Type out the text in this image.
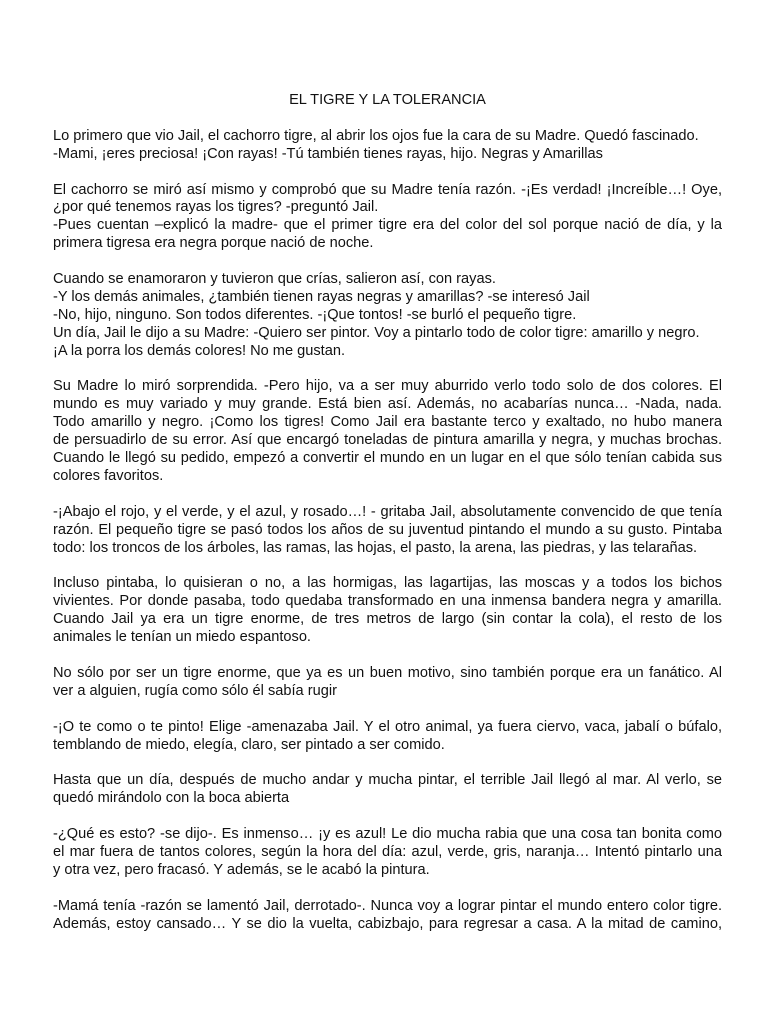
EL TIGRE Y LA TOLERANCIA
Lo primero que vio Jail, el cachorro tigre, al abrir los ojos fue la cara de su Madre. Quedó fascinado.
-Mami, ¡eres preciosa! ¡Con rayas! -Tú también tienes rayas, hijo. Negras y Amarillas
El cachorro se miró así mismo y comprobó que su Madre tenía razón. -¡Es verdad! ¡Increíble…! Oye,
¿por qué tenemos rayas los tigres? -preguntó Jail.
-Pues cuentan –explicó la madre- que el primer tigre era del color del sol porque nació de día, y la
primera tigresa era negra porque nació de noche.
Cuando se enamoraron y tuvieron que crías, salieron así, con rayas.
-Y los demás animales, ¿también tienen rayas negras y amarillas? -se interesó Jail
-No, hijo, ninguno. Son todos diferentes. -¡Que tontos! -se burló el pequeño tigre.
Un día, Jail le dijo a su Madre: -Quiero ser pintor. Voy a pintarlo todo de color tigre: amarillo y negro.
¡A la porra los demás colores! No me gustan.
Su Madre lo miró sorprendida. -Pero hijo, va a ser muy aburrido verlo todo solo de dos colores. El
mundo es muy variado y muy grande. Está bien así. Además, no acabarías nunca… -Nada, nada.
Todo amarillo y negro. ¡Como los tigres! Como Jail era bastante terco y exaltado, no hubo manera
de persuadirlo de su error. Así que encargó toneladas de pintura amarilla y negra, y muchas brochas.
Cuando le llegó su pedido, empezó a convertir el mundo en un lugar en el que sólo tenían cabida sus
colores favoritos.
-¡Abajo el rojo, y el verde, y el azul, y rosado…! - gritaba Jail, absolutamente convencido de que tenía
razón. El pequeño tigre se pasó todos los años de su juventud pintando el mundo a su gusto. Pintaba
todo: los troncos de los árboles, las ramas, las hojas, el pasto, la arena, las piedras, y las telarañas.
Incluso pintaba, lo quisieran o no, a las hormigas, las lagartijas, las moscas y a todos los bichos
vivientes. Por donde pasaba, todo quedaba transformado en una inmensa bandera negra y amarilla.
Cuando Jail ya era un tigre enorme, de tres metros de largo (sin contar la cola), el resto de los
animales le tenían un miedo espantoso.
No sólo por ser un tigre enorme, que ya es un buen motivo, sino también porque era un fanático. Al
ver a alguien, rugía como sólo él sabía rugir
-¡O te como o te pinto! Elige -amenazaba Jail. Y el otro animal, ya fuera ciervo, vaca, jabalí o búfalo,
temblando de miedo, elegía, claro, ser pintado a ser comido.
Hasta que un día, después de mucho andar y mucha pintar, el terrible Jail llegó al mar. Al verlo, se
quedó mirándolo con la boca abierta
-¿Qué es esto? -se dijo-. Es inmenso… ¡y es azul! Le dio mucha rabia que una cosa tan bonita como
el mar fuera de tantos colores, según la hora del día: azul, verde, gris, naranja… Intentó pintarlo una
y otra vez, pero fracasó. Y además, se le acabó la pintura.
-Mamá tenía -razón se lamentó Jail, derrotado-. Nunca voy a lograr pintar el mundo entero color tigre.
Además, estoy cansado… Y se dio la vuelta, cabizbajo, para regresar a casa. A la mitad de camino,
